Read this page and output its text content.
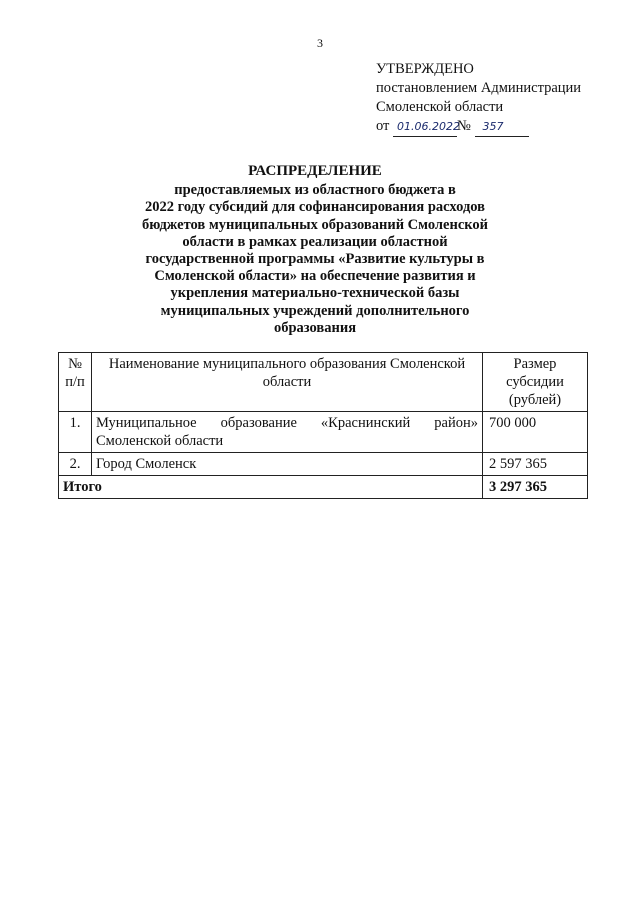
3
УТВЕРЖДЕНО
постановлением Администрации
Смоленской области
от 01.06.2022№ 357
РАСПРЕДЕЛЕНИЕ
предоставляемых из областного бюджета в
2022 году субсидий для софинансирования расходов
бюджетов муниципальных образований Смоленской
области в рамках реализации областной
государственной программы «Развитие культуры в
Смоленской области» на обеспечение развития и
укрепления материально-технической базы
муниципальных учреждений дополнительного
образования
№ п/п	Наименование муниципального образования Смоленской области	Размер субсидии (рублей)
1.	Муниципальное образование «Краснинский район» Смоленской области	700 000
2.	Город Смоленск	2 597 365
Итого		3 297 365
